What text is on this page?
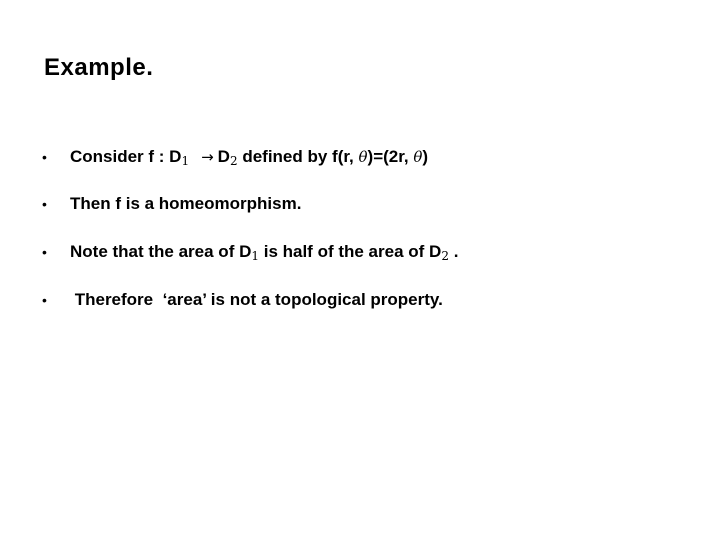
Example.
• Consider f : D1 → D2 defined by f(r, θ)=(2r, θ)
• Then f is a homeomorphism.
• Note that the area of D1 is half of the area of D2 .
• Therefore  ‘area’ is not a topological property.
